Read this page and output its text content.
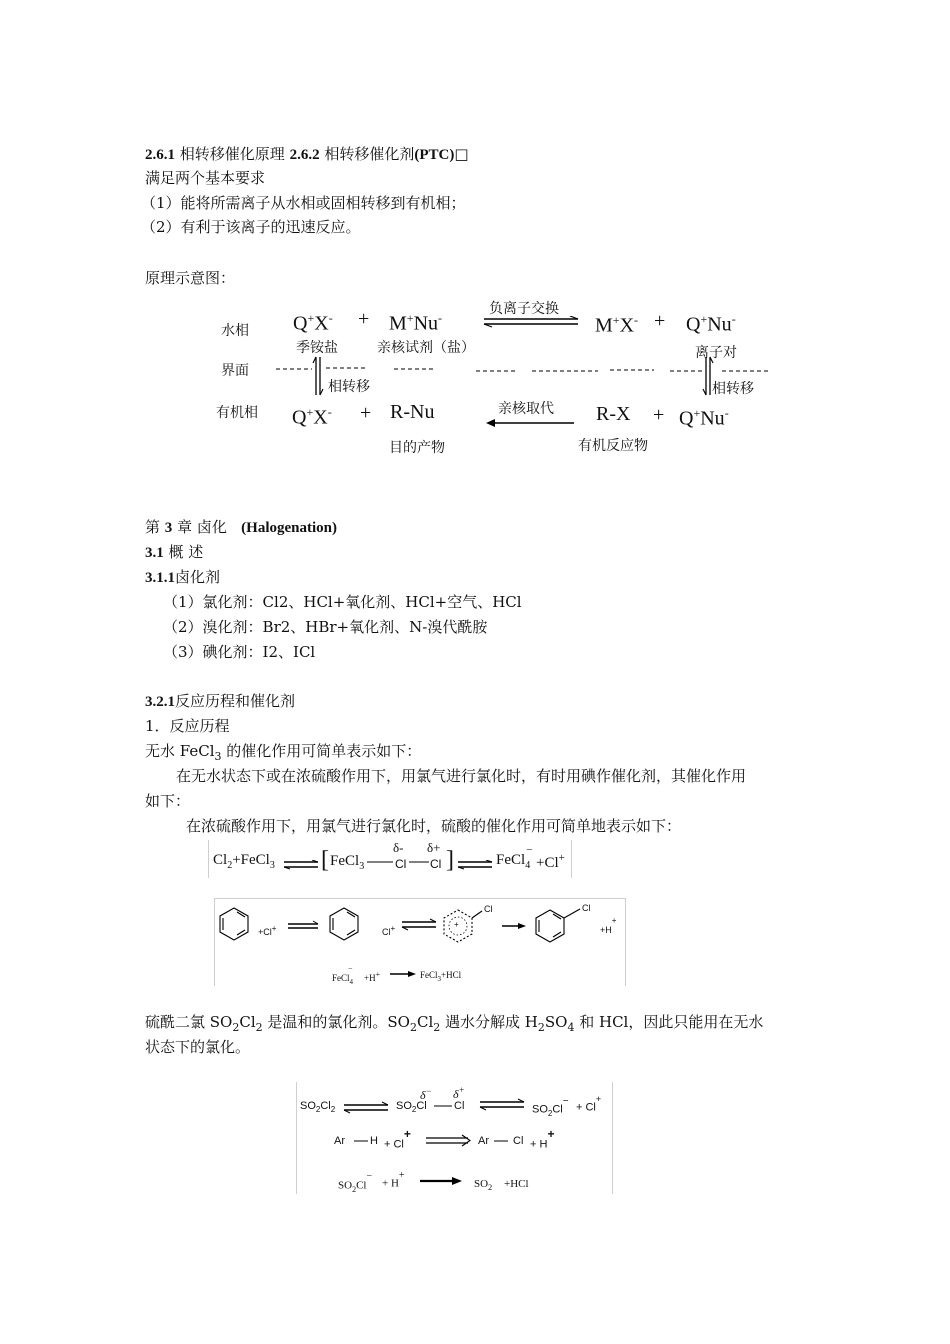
2.6.1 相转移催化原理 2.6.2 相转移催化剂(PTC)□
满足两个基本要求
（1）能将所需离子从水相或固相转移到有机相；
（2）有利于该离子的迅速反应。
原理示意图：
水相
界面
有机相
Q+X- + M+Nu-
负离子交换
M+X- + Q+Nu-
季铵盐	亲核试剂（盐）	离子对
相转移	相转移
Q+X- + R-Nu	亲核取代 R-X + Q+Nu-
目的产物	有机反应物
第 3 章 卤化 (Halogenation)
3.1 概 述
3.1.1卤化剂
（1）氯化剂：Cl2、HCl+氧化剂、HCl+空气、HCl
（2）溴化剂：Br2、HBr+氧化剂、N-溴代酰胺
（3）碘化剂：I2、ICl
3.2.1反应历程和催化剂
1．反应历程
无水 FeCl$_3$ 的催化作用可简单表示如下：
在无水状态下或在浓硫酸作用下，用氯气进行氯化时，有时用碘作催化剂，其催化作用
如下：
在浓硫酸作用下，用氯气进行氯化时，硫酸的催化作用可简单地表示如下：
$Cl_2+FeCl_3$ ⇌ [ FeCl$_3$
δ- δ+
Cl Cl ] ⇌ FeCl
−
$_4$ +Cl+
+Cl+	Cl+	+
Cl	Cl
+H+
FeCl$_4$−
+H+	FeCl$_3$+HCl
硫酰二氯 $SO_2Cl_2$ 是温和的氯化剂。$SO_2Cl_2$ 遇水分解成 $H_2SO_4$ 和 HCl，因此只能用在无水
状态下的氯化。
$SO_2Cl_2$
δ− δ+
$SO_2Cl$ Cl	$SO_2Cl^-$
+ Cl+
Ar H + Cl+	Ar Cl + H+
$SO_2Cl^-$
+ H+
$SO_2 +HCl$
